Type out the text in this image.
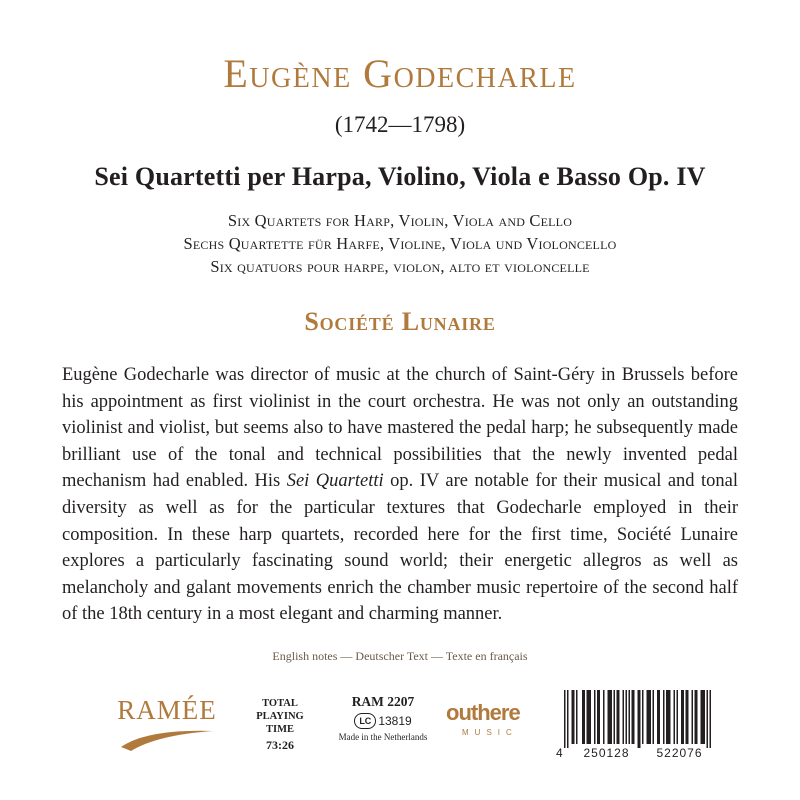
Eugène Godecharle
(1742—1798)
Sei Quartetti per Harpa, Violino, Viola e Basso Op. IV
Six Quartets for Harp, Violin, Viola and Cello
Sechs Quartette für Harfe, Violine, Viola und Violoncello
Six quatuors pour harpe, violon, alto et violoncelle
Société Lunaire

Eugène Godecharle was director of music at the church of Saint-Géry in Brussels before his appointment as first violinist in the court orchestra. He was not only an outstanding violinist and violist, but seems also to have mastered the pedal harp; he subsequently made brilliant use of the tonal and technical possibilities that the newly invented pedal mechanism had enabled. His Sei Quartetti op. IV are notable for their musical and tonal diversity as well as for the particular textures that Godecharle employed in their composition. In these harp quartets, recorded here for the first time, Société Lunaire explores a particularly fascinating sound world; their energetic allegros as well as melancholy and galant movements enrich the chamber music repertoire of the second half of the 18th century in a most elegant and charming manner.

English notes — Deutscher Text — Texte en français
RAMÉE	TOTAL
PLAYING
TIME
73:26
RAM 2207
LC 13819
Made in the Netherlands
outhere
MUSIC
4	250128	522076
